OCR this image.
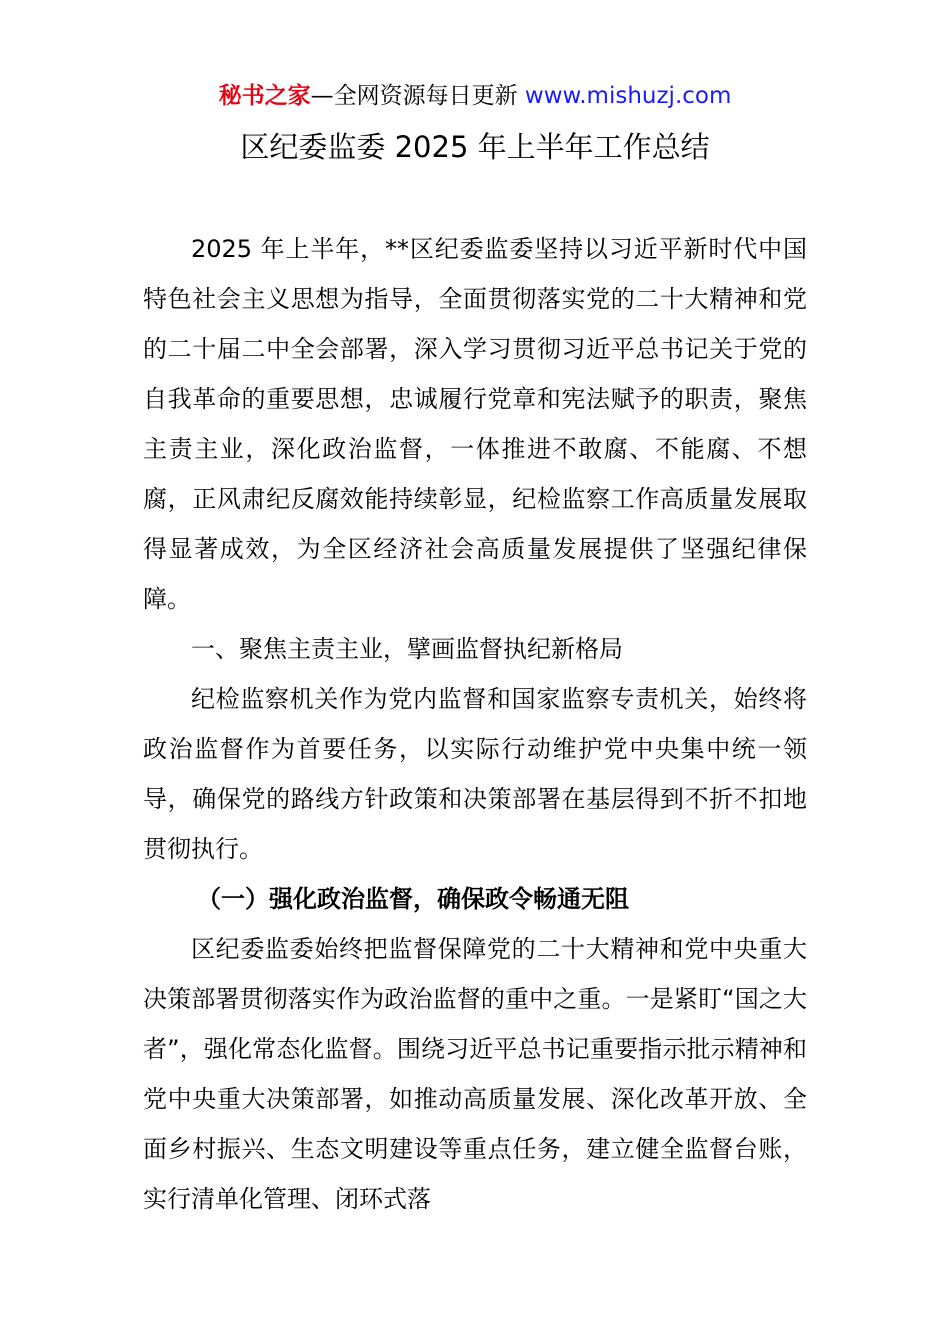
秘书之家—全网资源每日更新 www.mishuzj.com
区纪委监委 2025 年上半年工作总结

2025 年上半年，**区纪委监委坚持以习近平新时代中国特色社会主义思想为指导，全面贯彻落实党的二十大精神和党的二十届二中全会部署，深入学习贯彻习近平总书记关于党的自我革命的重要思想，忠诚履行党章和宪法赋予的职责，聚焦主责主业，深化政治监督，一体推进不敢腐、不能腐、不想腐，正风肃纪反腐效能持续彰显，纪检监察工作高质量发展取得显著成效，为全区经济社会高质量发展提供了坚强纪律保障。

一、聚焦主责主业，擘画监督执纪新格局

纪检监察机关作为党内监督和国家监察专责机关，始终将政治监督作为首要任务，以实际行动维护党中央集中统一领导，确保党的路线方针政策和决策部署在基层得到不折不扣地贯彻执行。

（一）强化政治监督，确保政令畅通无阻

区纪委监委始终把监督保障党的二十大精神和党中央重大决策部署贯彻落实作为政治监督的重中之重。一是紧盯“国之大者”，强化常态化监督。围绕习近平总书记重要指示批示精神和党中央重大决策部署，如推动高质量发展、深化改革开放、全面乡村振兴、生态文明建设等重点任务，建立健全监督台账，实行清单化管理、闭环式落
